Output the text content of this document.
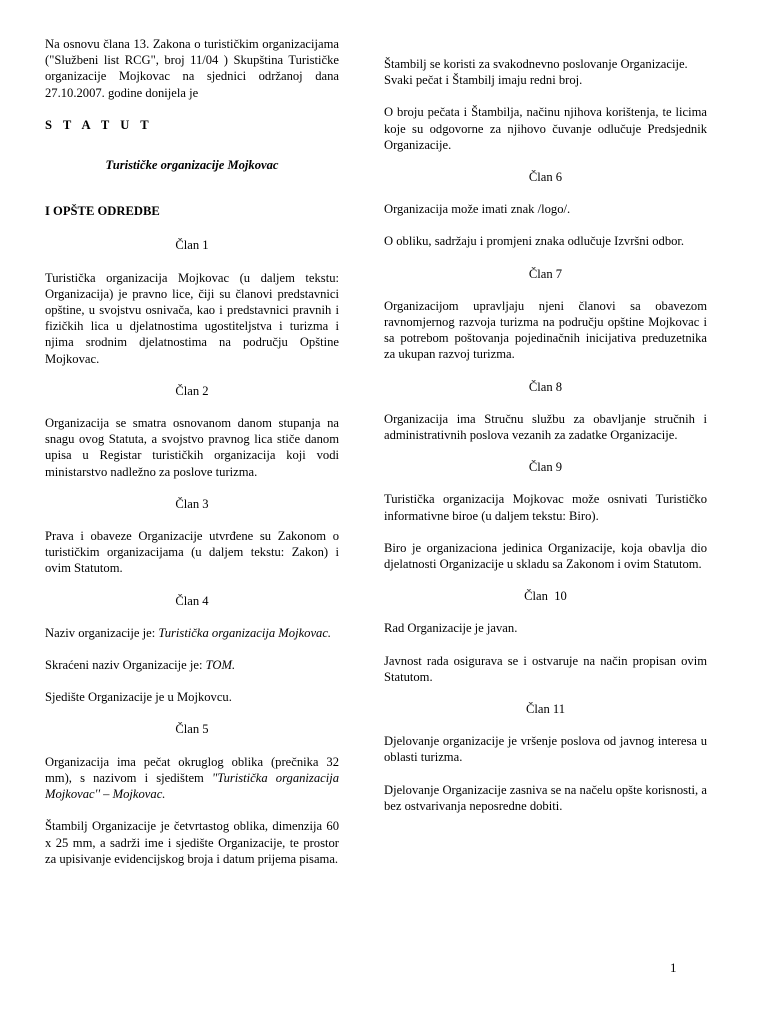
Na osnovu člana 13. Zakona o turističkim organizacijama ("Službeni list RCG", broj 11/04 ) Skupština Turističke organizacije Mojkovac na sjednici održanoj dana 27.10.2007. godine donijela je

S T A T U T

Turističke organizacije Mojkovac

I OPŠTE ODREDBE

Član 1

Turistička organizacija Mojkovac (u daljem tekstu: Organizacija) je pravno lice, čiji su članovi predstavnici opštine, u svojstvu osnivača, kao i predstavnici pravnih i fizičkih lica u djelatnostima ugostiteljstva i turizma i njima srodnim djelatnostima na području Opštine Mojkovac.

Član 2

Organizacija se smatra osnovanom danom stupanja na snagu ovog Statuta, a svojstvo pravnog lica stiče danom upisa u Registar turističkih organizacija koji vodi ministarstvo nadležno za poslove turizma.

Član 3

Prava i obaveze Organizacije utvrđene su Zakonom o turističkim organizacijama (u daljem tekstu: Zakon) i ovim Statutom.

Član 4

Naziv organizacije je: Turistička organizacija Mojkovac.

Skraćeni naziv Organizacije je: TOM.

Sjedište Organizacije je u Mojkovcu.

Član 5

Organizacija ima pečat okruglog oblika (prečnika 32 mm), s nazivom i sjedištem "Turistička organizacija Mojkovac'' – Mojkovac.

Štambilj Organizacije je četvrtastog oblika, dimenzija 60 x 25 mm, a sadrži ime i sjedište Organizacije, te prostor za upisivanje evidencijskog broja i datum prijema pisama.

Štambilj se koristi za svakodnevno poslovanje Organizacije.
Svaki pečat i Štambilj imaju redni broj.

O broju pečata i Štambilja, načinu njihova korištenja, te licima koje su odgovorne za njihovo čuvanje odlučuje Predsjednik Organizacije.

Član 6

Organizacija može imati znak /logo/.

O obliku, sadržaju i promjeni znaka odlučuje Izvršni odbor.

Član 7

Organizacijom upravljaju njeni članovi sa obavezom ravnomjernog razvoja turizma na području opštine Mojkovac i sa potrebom poštovanja pojedinačnih inicijativa preduzetnika za ukupan razvoj turizma.

Član 8

Organizacija ima Stručnu službu za obavljanje stručnih i administrativnih poslova vezanih za zadatke Organizacije.

Član 9

Turistička organizacija Mojkovac može osnivati Turističko informativne biroe (u daljem tekstu: Biro).

Biro je organizaciona jedinica Organizacije, koja obavlja dio djelatnosti Organizacije u skladu sa Zakonom i ovim Statutom.

Član  10

Rad Organizacije je javan.

Javnost rada osigurava se i ostvaruje na način propisan ovim Statutom.

Član 11

Djelovanje organizacije je vršenje poslova od javnog interesa u oblasti turizma.

Djelovanje Organizacije zasniva se na načelu opšte korisnosti, a bez ostvarivanja neposredne dobiti.

1
